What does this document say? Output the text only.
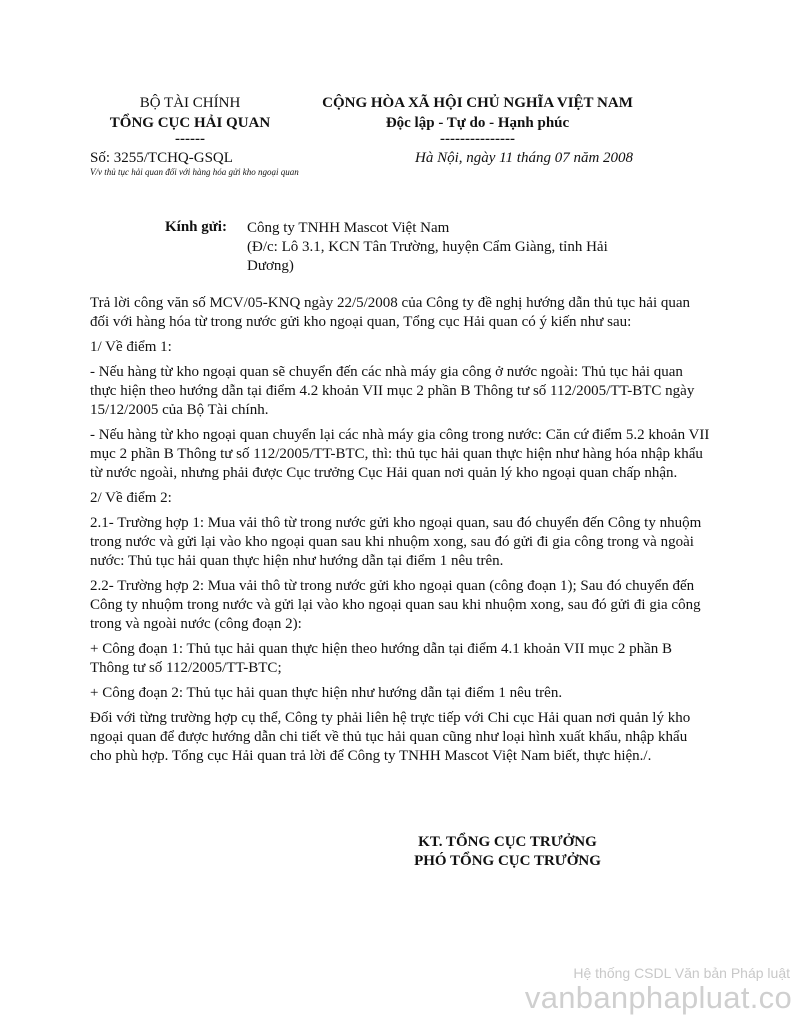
BỘ TÀI CHÍNH
TỔNG CỤC HẢI QUAN
------
CỘNG HÒA XÃ HỘI CHỦ NGHĨA VIỆT NAM
Độc lập - Tự do - Hạnh phúc
---------------
Số: 3255/TCHQ-GSQL
V/v thủ tục hải quan đối với hàng hóa gửi kho ngoại quan
Hà Nội, ngày 11 tháng 07 năm 2008
Kính gửi: Công ty TNHH Mascot Việt Nam
(Đ/c: Lô 3.1, KCN Tân Trường, huyện Cẩm Giàng, tỉnh Hải Dương)

Trả lời công văn số MCV/05-KNQ ngày 22/5/2008 của Công ty đề nghị hướng dẫn thủ tục hải quan đối với hàng hóa từ trong nước gửi kho ngoại quan, Tổng cục Hải quan có ý kiến như sau:

1/ Về điểm 1:

- Nếu hàng từ kho ngoại quan sẽ chuyển đến các nhà máy gia công ở nước ngoài: Thủ tục hải quan thực hiện theo hướng dẫn tại điểm 4.2 khoản VII mục 2 phần B Thông tư số 112/2005/TT-BTC ngày 15/12/2005 của Bộ Tài chính.

- Nếu hàng từ kho ngoại quan chuyển lại các nhà máy gia công trong nước: Căn cứ điểm 5.2 khoản VII mục 2 phần B Thông tư số 112/2005/TT-BTC, thì: thủ tục hải quan thực hiện như hàng hóa nhập khẩu từ nước ngoài, nhưng phải được Cục trưởng Cục Hải quan nơi quản lý kho ngoại quan chấp nhận.

2/ Về điểm 2:

2.1- Trường hợp 1: Mua vải thô từ trong nước gửi kho ngoại quan, sau đó chuyển đến Công ty nhuộm trong nước và gửi lại vào kho ngoại quan sau khi nhuộm xong, sau đó gửi đi gia công trong và ngoài nước: Thủ tục hải quan thực hiện như hướng dẫn tại điểm 1 nêu trên.

2.2- Trường hợp 2: Mua vải thô từ trong nước gửi kho ngoại quan (công đoạn 1); Sau đó chuyển đến Công ty nhuộm trong nước và gửi lại vào kho ngoại quan sau khi nhuộm xong, sau đó gửi đi gia công trong và ngoài nước (công đoạn 2):

+ Công đoạn 1: Thủ tục hải quan thực hiện theo hướng dẫn tại điểm 4.1 khoản VII mục 2 phần B Thông tư số 112/2005/TT-BTC;

+ Công đoạn 2: Thủ tục hải quan thực hiện như hướng dẫn tại điểm 1 nêu trên.

Đối với từng trường hợp cụ thể, Công ty phải liên hệ trực tiếp với Chi cục Hải quan nơi quản lý kho ngoại quan để được hướng dẫn chi tiết về thủ tục hải quan cũng như loại hình xuất khẩu, nhập khẩu cho phù hợp. Tổng cục Hải quan trả lời để Công ty TNHH Mascot Việt Nam biết, thực hiện./.

KT. TỔNG CỤC TRƯỞNG
PHÓ TỔNG CỤC TRƯỞNG
Hệ thống CSDL Văn bản Pháp luật
vanbanphapluat.co
